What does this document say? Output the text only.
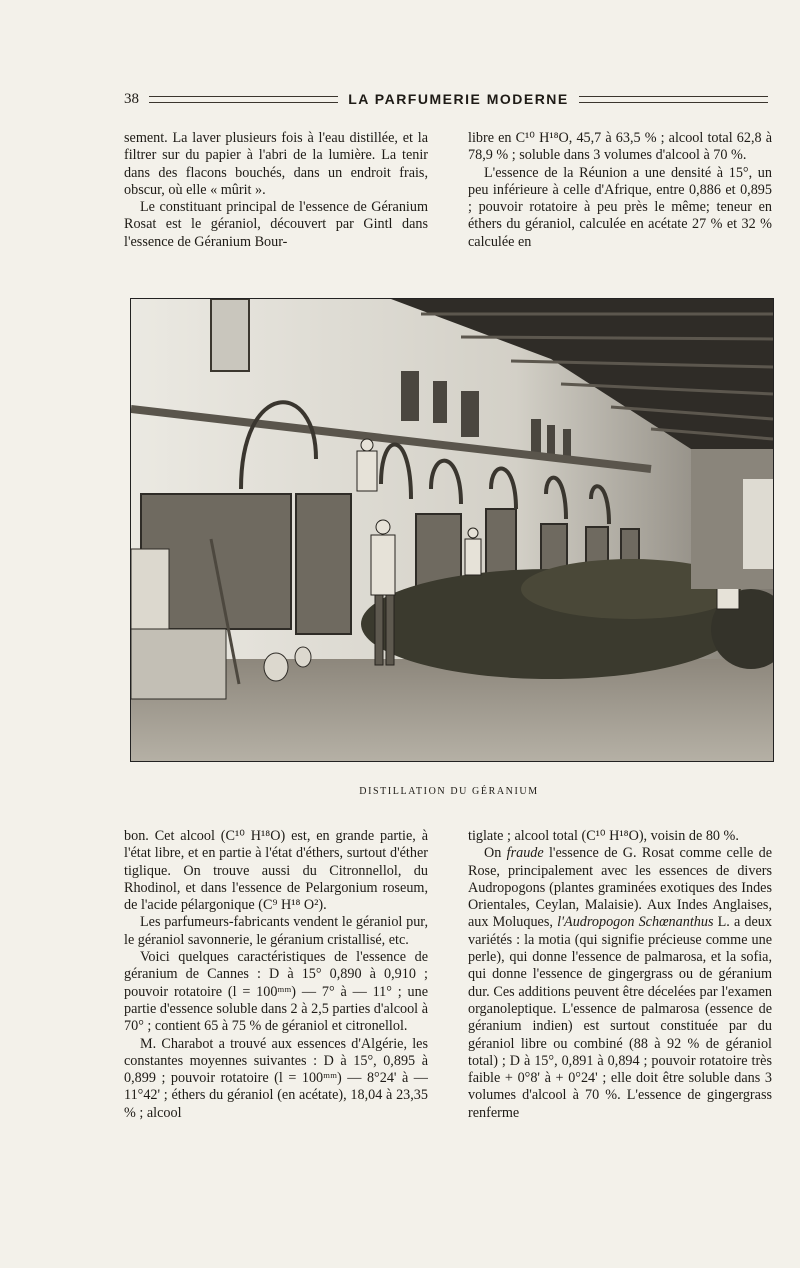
38	LA PARFUMERIE MODERNE

sement. La laver plusieurs fois à l'eau distillée, et la filtrer sur du papier à l'abri de la lumière. La tenir dans des flacons bouchés, dans un endroit frais, obscur, où elle « mûrit ».

Le constituant principal de l'essence de Géranium Rosat est le géraniol, découvert par Gintl dans l'essence de Géranium Bour-

libre en C¹⁰ H¹⁸O, 45,7 à 63,5 % ; alcool total 62,8 à 78,9 % ; soluble dans 3 volumes d'alcool à 70 %.

L'essence de la Réunion a une densité à 15°, un peu inférieure à celle d'Afrique, entre 0,886 et 0,895 ; pouvoir rotatoire à peu près le même; teneur en éthers du géraniol, calculée en acétate 27 % et 32 % calculée en

DISTILLATION DU GÉRANIUM

bon. Cet alcool (C¹⁰ H¹⁸O) est, en grande partie, à l'état libre, et en partie à l'état d'éthers, surtout d'éther tiglique. On trouve aussi du Citronnellol, du Rhodinol, et dans l'essence de Pelargonium roseum, de l'acide pélargonique (C⁹ H¹⁸ O²).

Les parfumeurs-fabricants vendent le géraniol pur, le géraniol savonnerie, le géranium cristallisé, etc.

Voici quelques caractéristiques de l'essence de géranium de Cannes : D à 15° 0,890 à 0,910 ; pouvoir rotatoire (l = 100ᵐᵐ) — 7° à — 11° ; une partie d'essence soluble dans 2 à 2,5 parties d'alcool à 70° ; contient 65 à 75 % de géraniol et citronellol.

M. Charabot a trouvé aux essences d'Algérie, les constantes moyennes suivantes : D à 15°, 0,895 à 0,899 ; pouvoir rotatoire (l = 100ᵐᵐ) — 8°24' à — 11°42' ; éthers du géraniol (en acétate), 18,04 à 23,35 % ; alcool

tiglate ; alcool total (C¹⁰ H¹⁸O), voisin de 80 %.

On fraude l'essence de G. Rosat comme celle de Rose, principalement avec les essences de divers Audropogons (plantes graminées exotiques des Indes Orientales, Ceylan, Malaisie). Aux Indes Anglaises, aux Moluques, l'Audropogon Schœnanthus L. a deux variétés : la motia (qui signifie précieuse comme une perle), qui donne l'essence de palmarosa, et la sofia, qui donne l'essence de gingergrass ou de géranium dur. Ces additions peuvent être décelées par l'examen organoleptique. L'essence de palmarosa (essence de géranium indien) est surtout constituée par du géraniol libre ou combiné (88 à 92 % de géraniol total) ; D à 15°, 0,891 à 0,894 ; pouvoir rotatoire très faible + 0°8' à + 0°24' ; elle doit être soluble dans 3 volumes d'alcool à 70 %. L'essence de gingergrass renferme
